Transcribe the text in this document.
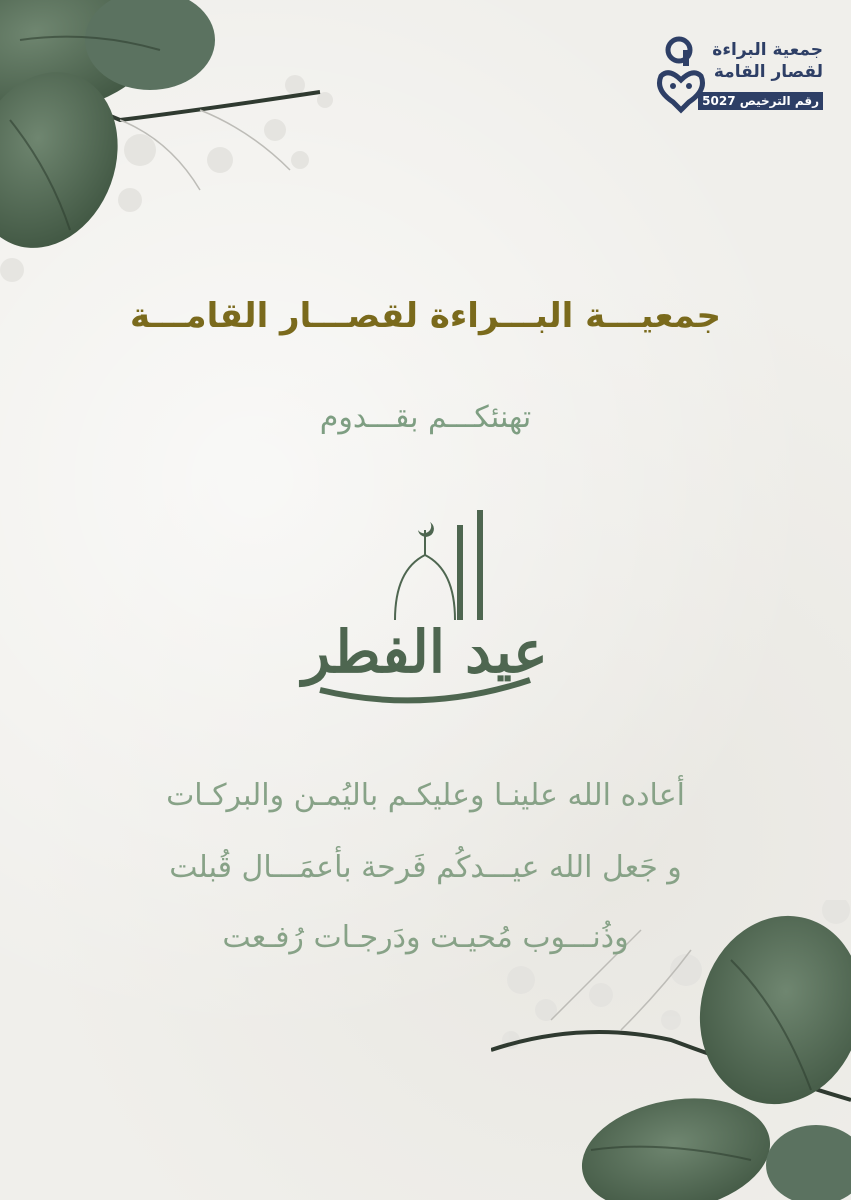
جمعية البراءة
لقصار القامة
رقم الترخيص 5027
جمعيـــة البـــراءة لقصـــار القامـــة
تهنئكـــم بقـــدوم
عيد الفطر
أعاده الله علينـا وعليكـم باليُمـن والبركـات
و جَعل الله عيـــدكُم فَرحة بأعمَـــال قُبلت
وذُنـــوب مُحيـت ودَرجـات رُفـعت
